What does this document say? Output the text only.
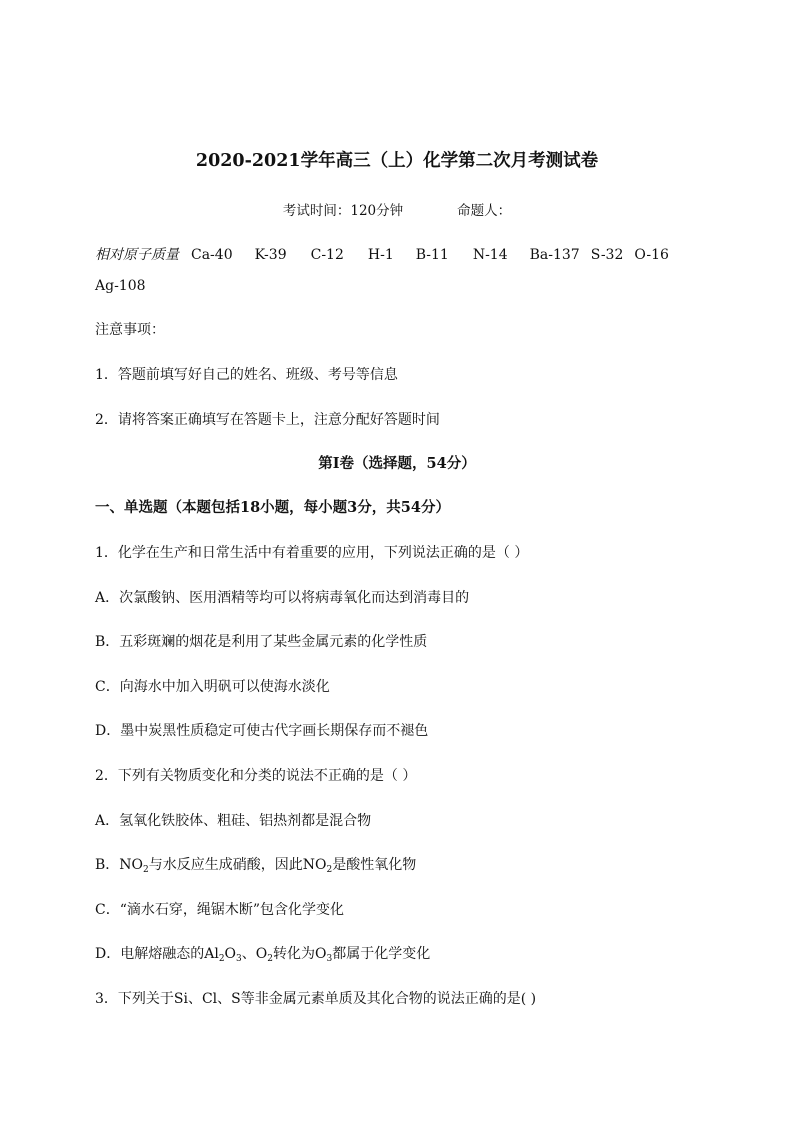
2020-2021学年高三（上）化学第二次月考测试卷
考试时间：120分钟	命题人：
相对原子质量 Ca-40 K-39 C-12 H-1 B-11 N-14 Ba-137 S-32 O-16
Ag-108
注意事项：
1．答题前填写好自己的姓名、班级、考号等信息
2．请将答案正确填写在答题卡上，注意分配好答题时间
第I卷（选择题，54分）
一、单选题（本题包括18小题，每小题3分，共54分）
1．化学在生产和日常生活中有着重要的应用，下列说法正确的是（ ）
A．次氯酸钠、医用酒精等均可以将病毒氧化而达到消毒目的
B．五彩斑斓的烟花是利用了某些金属元素的化学性质
C．向海水中加入明矾可以使海水淡化
D．墨中炭黑性质稳定可使古代字画长期保存而不褪色
2．下列有关物质变化和分类的说法不正确的是（ ）
A．氢氧化铁胶体、粗硅、铝热剂都是混合物
B．$NO_2$与水反应生成硝酸，因此$NO_2$是酸性氧化物
C．“滴水石穿，绳锯木断”包含化学变化
D．电解熔融态的$Al_2O_3$、$O_2$转化为$O_3$都属于化学变化
3．下列关于Si、Cl、S等非金属元素单质及其化合物的说法正确的是( )
